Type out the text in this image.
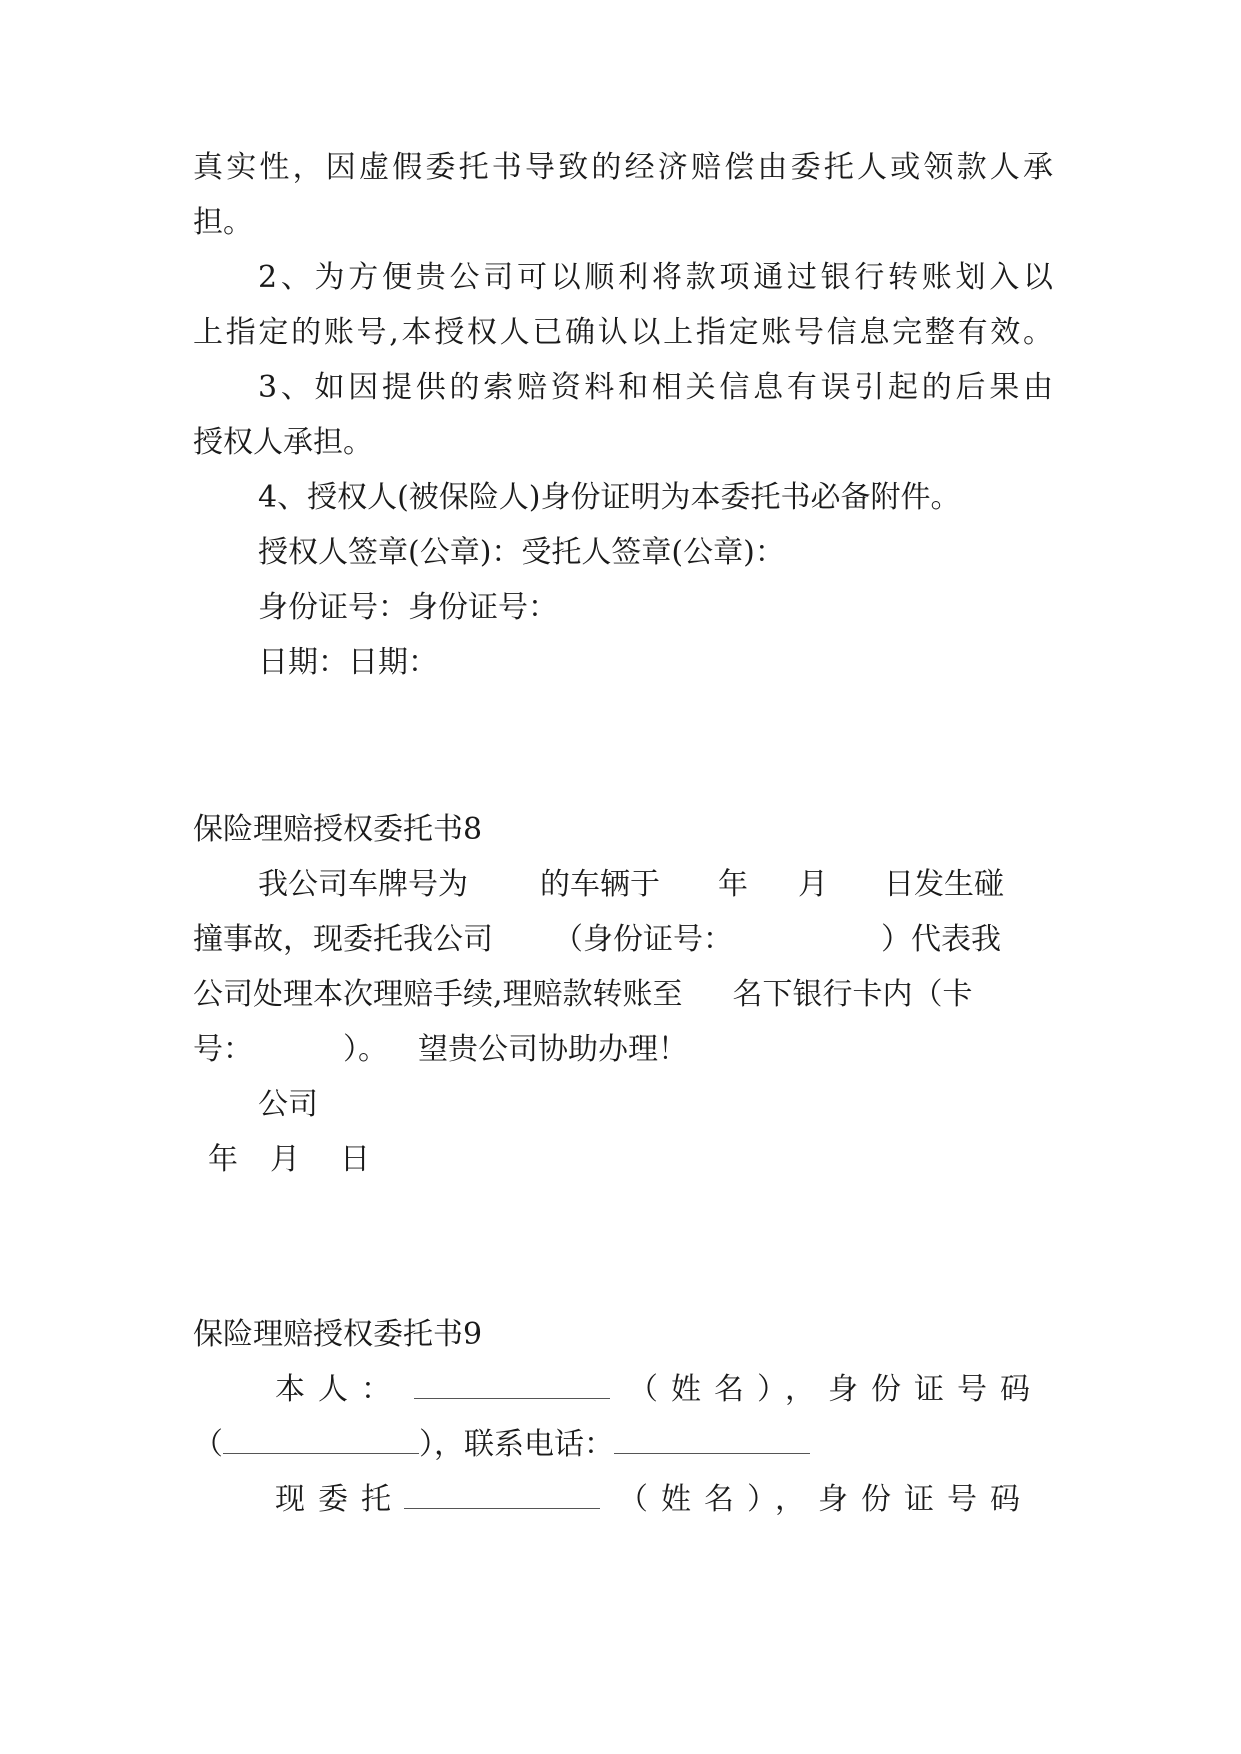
真实性，因虚假委托书导致的经济赔偿由委托人或领款人承

担。

2、为方便贵公司可以顺利将款项通过银行转账划入以

上指定的账号,本授权人已确认以上指定账号信息完整有效。

3、如因提供的索赔资料和相关信息有误引起的后果由

授权人承担。

4、授权人(被保险人)身份证明为本委托书必备附件。

授权人签章(公章)：受托人签章(公章)：

身份证号：身份证号：

日期：日期：

保险理赔授权委托书8

我公司车牌号为 的车辆于 年 月 日发生碰

撞事故，现委托我公司 （身份证号：	）代表我

公司处理本次理赔手续,理赔款转账至 名下银行卡内（卡

号：	）。 望贵公司协助办理！

公司

年 月 日

保险理赔授权委托书9

本人：	（姓名），身份证号码

（	），联系电话：

现委托	（姓名），身份证号码
